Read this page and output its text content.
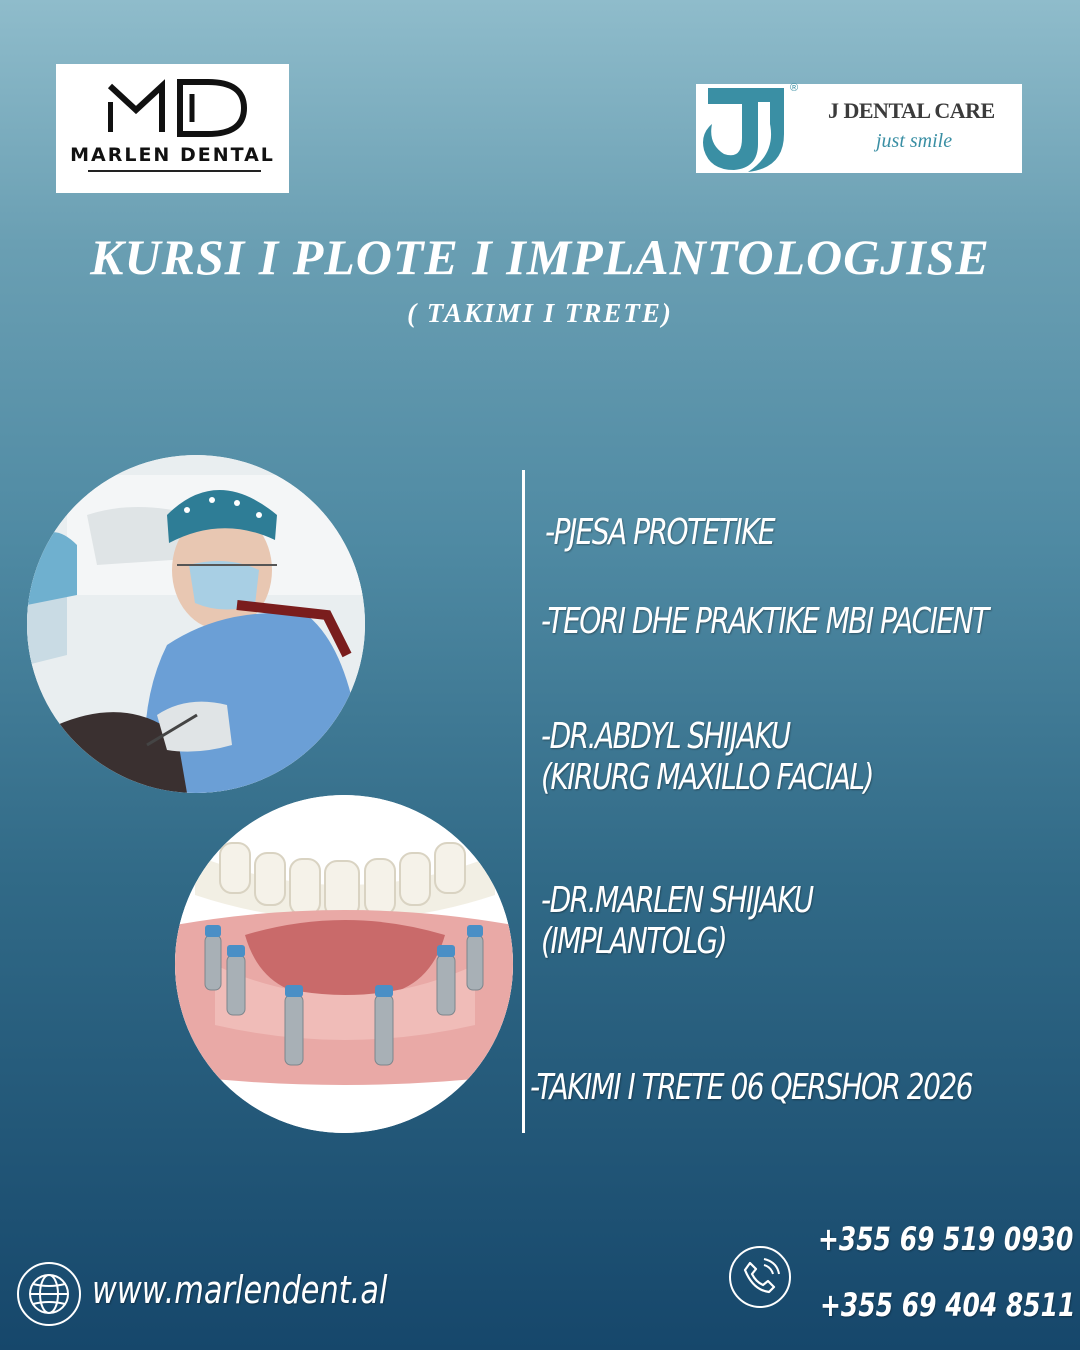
MARLEN DENTAL
®
J DENTAL CARE
just smile
KURSI I PLOTE I IMPLANTOLOGJISE
( TAKIMI I TRETE)
-PJESA PROTETIKE
-TEORI DHE PRAKTIKE MBI PACIENT
-DR.ABDYL SHIJAKU
(KIRURG MAXILLO FACIAL)
-DR.MARLEN SHIJAKU
(IMPLANTOLG)
-TAKIMI I TRETE 06 QERSHOR 2026
www.marlendent.al
+355 69 519 0930
+355 69 404 8511
